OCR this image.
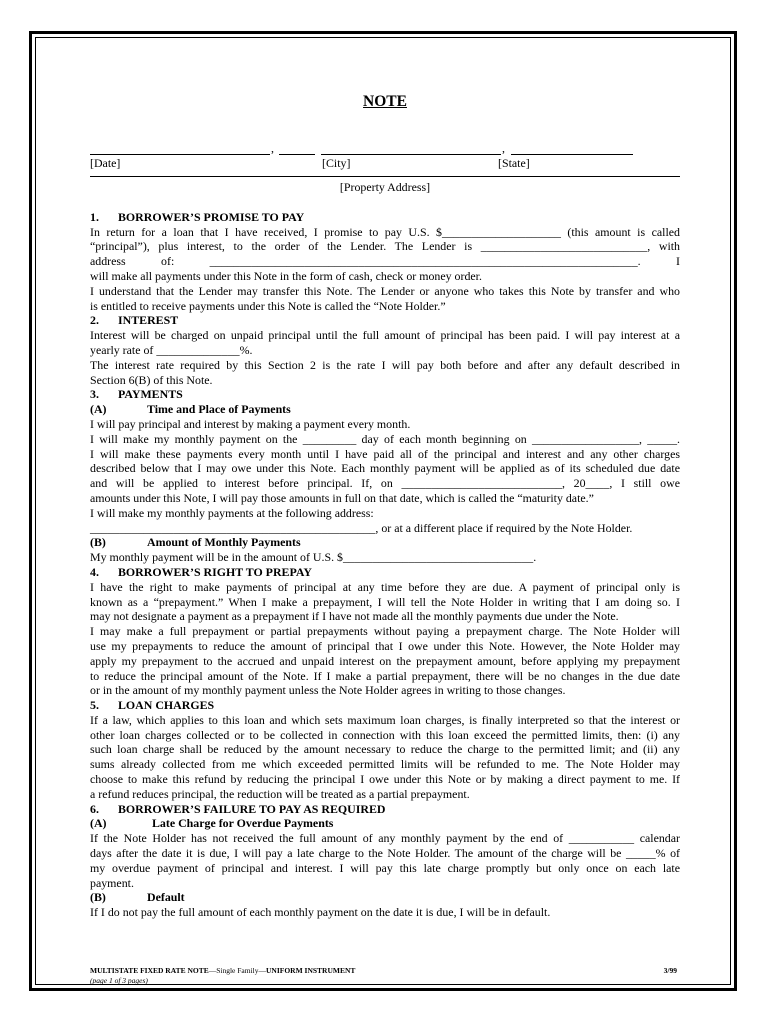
NOTE
,	,
[Date]	[City]	[State]
[Property Address]

1. BORROWER’S PROMISE TO PAY

In return for a loan that I have received, I promise to pay U.S. $____________________ (this amount is called

“principal”), plus interest, to the order of the Lender. The Lender is ____________________________, with

address of: ________________________________________________________________________. I

will make all payments under this Note in the form of cash, check or money order.

I understand that the Lender may transfer this Note. The Lender or anyone who takes this Note by transfer and who

is entitled to receive payments under this Note is called the “Note Holder.”

2. INTEREST

Interest will be charged on unpaid principal until the full amount of principal has been paid. I will pay interest at a

yearly rate of ______________%.

The interest rate required by this Section 2 is the rate I will pay both before and after any default described in

Section 6(B) of this Note.

3. PAYMENTS

(A)	Time and Place of Payments

I will pay principal and interest by making a payment every month.

I will make my monthly payment on the _________ day of each month beginning on __________________, _____.

I will make these payments every month until I have paid all of the principal and interest and any other charges

described below that I may owe under this Note. Each monthly payment will be applied as of its scheduled due date

and will be applied to interest before principal. If, on ___________________________, 20____, I still owe

amounts under this Note, I will pay those amounts in full on that date, which is called the “maturity date.”

I will make my monthly payments at the following address:

________________________________________________, or at a different place if required by the Note Holder.

(B)	Amount of Monthly Payments

My monthly payment will be in the amount of U.S. $________________________________.

4. BORROWER’S RIGHT TO PREPAY

I have the right to make payments of principal at any time before they are due. A payment of principal only is

known as a “prepayment.” When I make a prepayment, I will tell the Note Holder in writing that I am doing so. I

may not designate a payment as a prepayment if I have not made all the monthly payments due under the Note.

I may make a full prepayment or partial prepayments without paying a prepayment charge. The Note Holder will

use my prepayments to reduce the amount of principal that I owe under this Note. However, the Note Holder may

apply my prepayment to the accrued and unpaid interest on the prepayment amount, before applying my prepayment

to reduce the principal amount of the Note. If I make a partial prepayment, there will be no changes in the due date

or in the amount of my monthly payment unless the Note Holder agrees in writing to those changes.

5. LOAN CHARGES

If a law, which applies to this loan and which sets maximum loan charges, is finally interpreted so that the interest or

other loan charges collected or to be collected in connection with this loan exceed the permitted limits, then: (i) any

such loan charge shall be reduced by the amount necessary to reduce the charge to the permitted limit; and (ii) any

sums already collected from me which exceeded permitted limits will be refunded to me. The Note Holder may

choose to make this refund by reducing the principal I owe under this Note or by making a direct payment to me. If

a refund reduces principal, the reduction will be treated as a partial prepayment.

6. BORROWER’S FAILURE TO PAY AS REQUIRED

(A)	Late Charge for Overdue Payments

If the Note Holder has not received the full amount of any monthly payment by the end of ___________ calendar

days after the date it is due, I will pay a late charge to the Note Holder. The amount of the charge will be _____% of

my overdue payment of principal and interest. I will pay this late charge promptly but only once on each late

payment.

(B)	Default

If I do not pay the full amount of each monthly payment on the date it is due, I will be in default.

MULTISTATE FIXED RATE NOTE—Single Family—UNIFORM INSTRUMENT
(page 1 of 3 pages)
3/99
